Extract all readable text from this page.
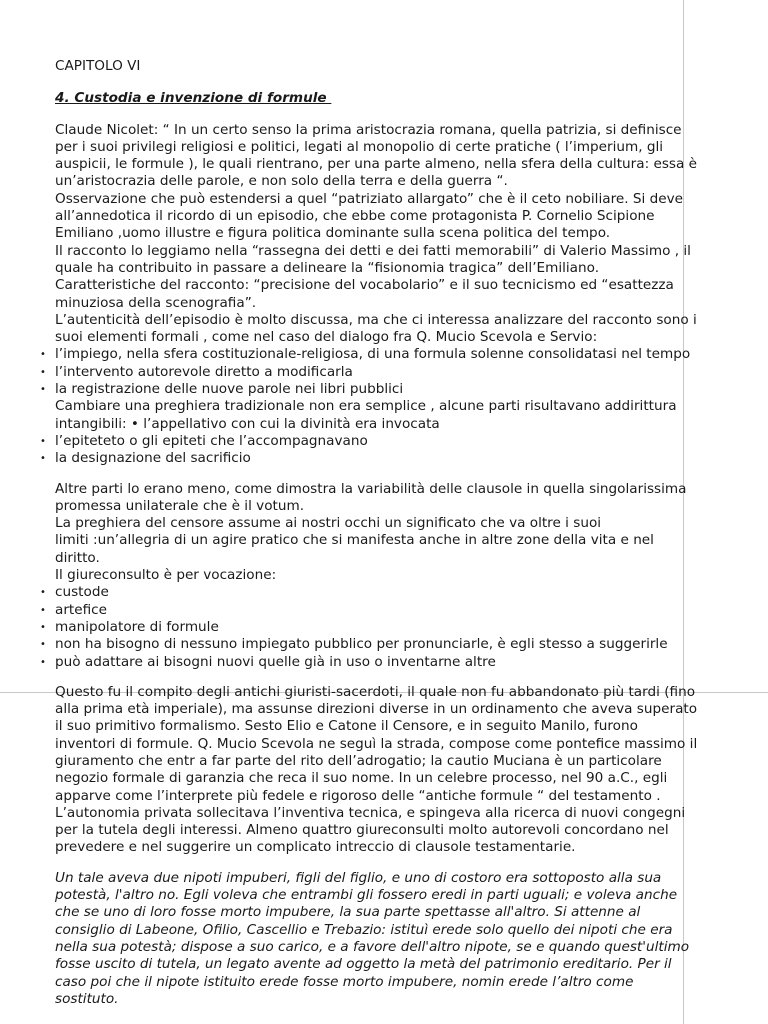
CAPITOLO VI
4. Custodia e invenzione di formule
Claude Nicolet: “ In un certo senso la prima aristocrazia romana, quella patrizia, si definisce
per i suoi privilegi religiosi e politici, legati al monopolio di certe pratiche ( l’imperium, gli
auspicii, le formule ), le quali rientrano, per una parte almeno, nella sfera della cultura: essa è
un’aristocrazia delle parole, e non solo della terra e della guerra “.
Osservazione che può estendersi a quel “patriziato allargato” che è il ceto nobiliare. Si deve
all’annedotica il ricordo di un episodio, che ebbe come protagonista P. Cornelio Scipione
Emiliano ,uomo illustre e figura politica dominante sulla scena politica del tempo.
Il racconto lo leggiamo nella “rassegna dei detti e dei fatti memorabili” di Valerio Massimo , il
quale ha contribuito in passare a delineare la “fisionomia tragica” dell’Emiliano.
Caratteristiche del racconto: “precisione del vocabolario” e il suo tecnicismo ed “esattezza
minuziosa della scenografia”.
L’autenticità dell’episodio è molto discussa, ma che ci interessa analizzare del racconto sono i
suoi elementi formali , come nel caso del dialogo fra Q. Mucio Scevola e Servio:
• l’impiego, nella sfera costituzionale-religiosa, di una formula solenne consolidatasi nel tempo
• l’intervento autorevole diretto a modificarla
• la registrazione delle nuove parole nei libri pubblici
Cambiare una preghiera tradizionale non era semplice , alcune parti risultavano addirittura
intangibili: • l’appellativo con cui la divinità era invocata
• l’epiteteto o gli epiteti che l’accompagnavano
• la designazione del sacrificio
Altre parti lo erano meno, come dimostra la variabilità delle clausole in quella singolarissima
promessa unilaterale che è il votum.
La preghiera del censore assume ai nostri occhi un significato che va oltre i suoi
limiti :un’allegria di un agire pratico che si manifesta anche in altre zone della vita e nel
diritto.
Il giureconsulto è per vocazione:
• custode
• artefice
• manipolatore di formule
• non ha bisogno di nessuno impiegato pubblico per pronunciarle, è egli stesso a suggerirle
• può adattare ai bisogni nuovi quelle già in uso o inventarne altre
Questo fu il compito degli antichi giuristi-sacerdoti, il quale non fu abbandonato più tardi (fino
alla prima età imperiale), ma assunse direzioni diverse in un ordinamento che aveva superato
il suo primitivo formalismo. Sesto Elio e Catone il Censore, e in seguito Manilo, furono
inventori di formule. Q. Mucio Scevola ne seguì la strada, compose come pontefice massimo il
giuramento che entr a far parte del rito dell’adrogatio; la cautio Muciana è un particolare
negozio formale di garanzia che reca il suo nome. In un celebre processo, nel 90 a.C., egli
apparve come l’interprete più fedele e rigoroso delle “antiche formule “ del testamento .
L’autonomia privata sollecitava l’inventiva tecnica, e spingeva alla ricerca di nuovi congegni
per la tutela degli interessi. Almeno quattro giureconsulti molto autorevoli concordano nel
prevedere e nel suggerire un complicato intreccio di clausole testamentarie.
Un tale aveva due nipoti impuberi, figli del figlio, e uno di costoro era sottoposto alla sua
potestà, l'altro no. Egli voleva che entrambi gli fossero eredi in parti uguali; e voleva anche
che se uno di loro fosse morto impubere, la sua parte spettasse all'altro. Si attenne al
consiglio di Labeone, Ofilio, Cascellio e Trebazio: istituì erede solo quello dei nipoti che era
nella sua potestà; dispose a suo carico, e a favore dell'altro nipote, se e quando quest'ultimo
fosse uscito di tutela, un legato avente ad oggetto la metà del patrimonio ereditario. Per il
caso poi che il nipote istituito erede fosse morto impubere, nomin erede l’altro come
sostituto.
